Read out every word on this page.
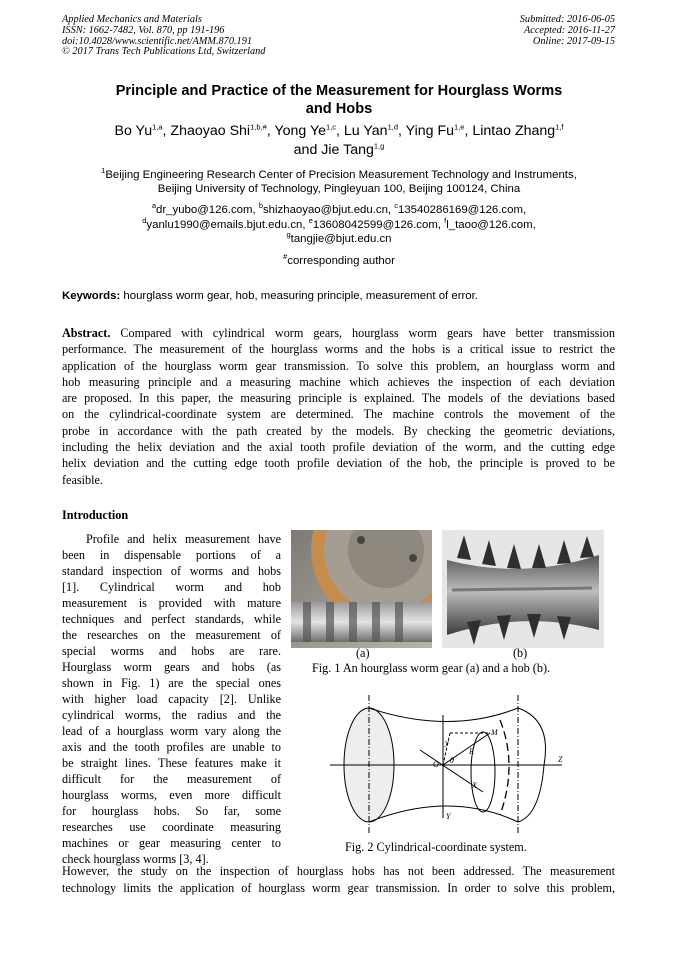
Applied Mechanics and Materials
ISSN: 1662-7482, Vol. 870, pp 191-196
doi:10.4028/www.scientific.net/AMM.870.191
© 2017 Trans Tech Publications Ltd, Switzerland
Submitted: 2016-06-05
Accepted: 2016-11-27
Online: 2017-09-15
Principle and Practice of the Measurement for Hourglass Worms
and Hobs
Bo Yu$^{1,a}$, Zhaoyao Shi$^{1,b,\#}$, Yong Ye$^{1,c}$, Lu Yan$^{1,d}$, Ying Fu$^{1,e}$, Lintao Zhang$^{1,f}$
and Jie Tang$^{1,g}$
$^1$Beijing Engineering Research Center of Precision Measurement Technology and Instruments,
Beijing University of Technology, Pingleyuan 100, Beijing 100124, China
$^a$dr_yubo@126.com, $^b$shizhaoyao@bjut.edu.cn, $^c$13540286169@126.com,
$^d$yanlu1990@emails.bjut.edu.cn, $^e$13608042599@126.com, $^f$l_taoo@126.com,
$^g$tangjie@bjut.edu.cn
#corresponding author
Keywords: hourglass worm gear, hob, measuring principle, measurement of error.
Abstract. Compared with cylindrical worm gears, hourglass worm gears have better transmission
performance. The measurement of the hourglass worms and the hobs is a critical issue to restrict the
application of the hourglass worm gear transmission. To solve this problem, an hourglass worm and
hob measuring principle and a measuring machine which achieves the inspection of each deviation
are proposed. In this paper, the measuring principle is explained. The models of the deviations based
on the cylindrical-coordinate system are determined. The machine controls the movement of the
probe in accordance with the path created by the models. By checking the geometric deviations,
including the helix deviation and the axial tooth profile deviation of the worm, and the cutting edge
helix deviation and the cutting edge tooth profile deviation of the hob, the principle is proved to be
feasible.
Introduction
Profile and helix measurement have
been in dispensable portions of a
standard inspection of worms and hobs
[1]. Cylindrical worm and hob
measurement is provided with mature
techniques and perfect standards, while
the researches on the measurement of
special worms and hobs are rare.
Hourglass worm gears and hobs (as
shown in Fig. 1) are the special ones
with higher load capacity [2]. Unlike
cylindrical worms, the radius and the
lead of a hourglass worm vary along the
axis and the tooth profiles are unable to
be straight lines. These features make it
difficult for the measurement of
hourglass worms, even more difficult
for hourglass hobs. So far, some
researches use coordinate measuring
machines or gear measuring center to
check hourglass worms [3, 4].
(a)	(b)
Fig. 1 An hourglass worm gear (a) and a hob (b).
Z
Y
X
O
M
R
θ
y
Fig. 2 Cylindrical-coordinate system.
However, the study on the inspection of hourglass hobs has not been addressed. The measurement
technology limits the application of hourglass worm gear transmission. In order to solve this problem,
